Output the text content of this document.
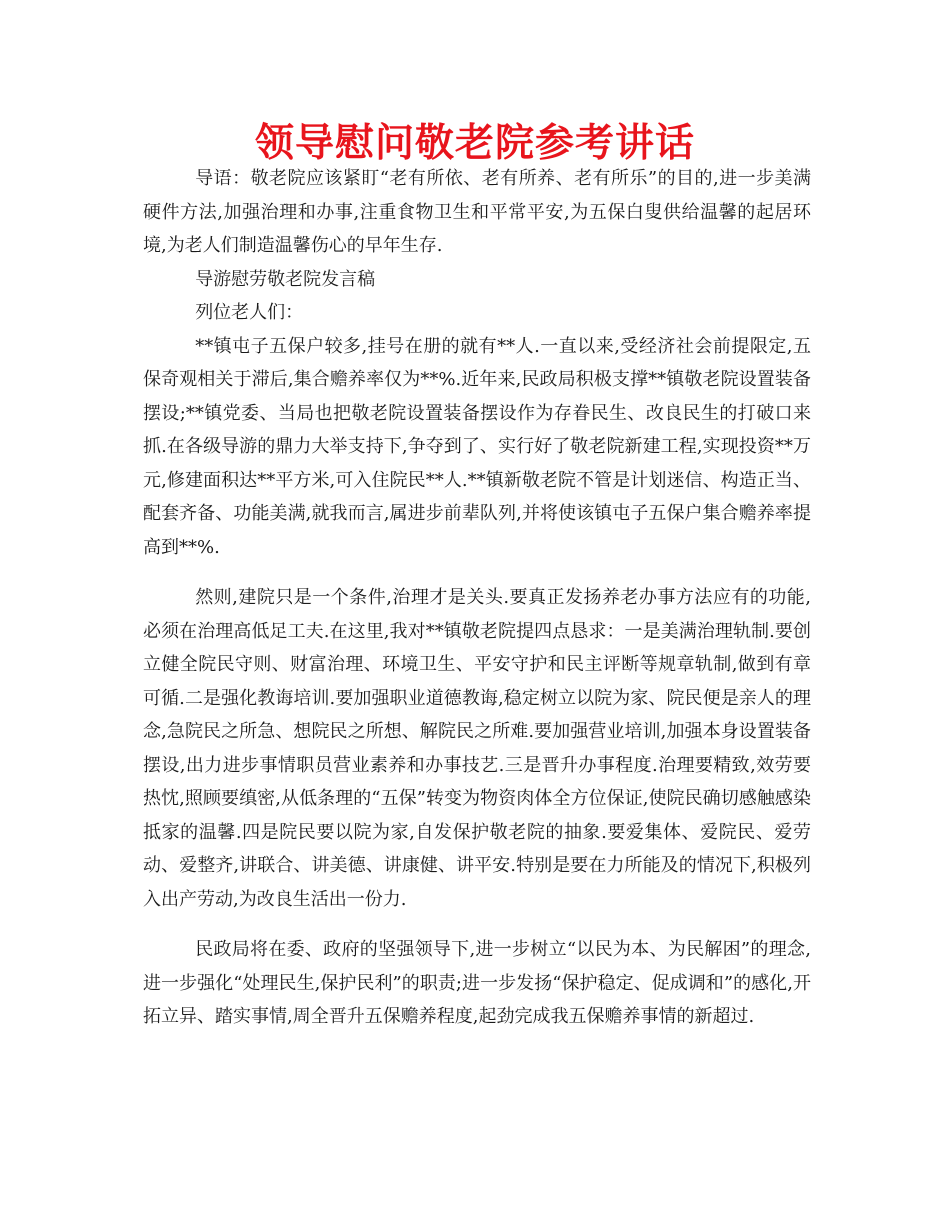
领导慰问敬老院参考讲话

导语：敬老院应该紧盯“老有所依、老有所养、老有所乐”的目的,进一步美满硬件方法,加强治理和办事,注重食物卫生和平常平安,为五保白叟供给温馨的起居环境,为老人们制造温馨伤心的早年生存.

导游慰劳敬老院发言稿

列位老人们：

**镇屯子五保户较多,挂号在册的就有**人.一直以来,受经济社会前提限定,五保奇观相关于滞后,集合赡养率仅为**%.近年来,民政局积极支撑**镇敬老院设置装备摆设;**镇党委、当局也把敬老院设置装备摆设作为存眷民生、改良民生的打破口来抓.在各级导游的鼎力大举支持下,争夺到了、实行好了敬老院新建工程,实现投资**万元,修建面积达**平方米,可入住院民**人.**镇新敬老院不管是计划迷信、构造正当、配套齐备、功能美满,就我而言,属进步前辈队列,并将使该镇屯子五保户集合赡养率提高到**%.

然则,建院只是一个条件,治理才是关头.要真正发扬养老办事方法应有的功能,必须在治理高低足工夫.在这里,我对**镇敬老院提四点恳求：一是美满治理轨制.要创立健全院民守则、财富治理、环境卫生、平安守护和民主评断等规章轨制,做到有章可循.二是强化教诲培训.要加强职业道德教诲,稳定树立以院为家、院民便是亲人的理念,急院民之所急、想院民之所想、解院民之所难.要加强营业培训,加强本身设置装备摆设,出力进步事情职员营业素养和办事技艺.三是晋升办事程度.治理要精致,效劳要热忱,照顾要缜密,从低条理的“五保”转变为物资肉体全方位保证,使院民确切感触感染抵家的温馨.四是院民要以院为家,自发保护敬老院的抽象.要爱集体、爱院民、爱劳动、爱整齐,讲联合、讲美德、讲康健、讲平安.特别是要在力所能及的情况下,积极列入出产劳动,为改良生活出一份力.

民政局将在委、政府的坚强领导下,进一步树立“以民为本、为民解困”的理念,进一步强化“处理民生,保护民利”的职责;进一步发扬“保护稳定、促成调和”的感化,开拓立异、踏实事情,周全晋升五保赡养程度,起劲完成我五保赡养事情的新超过.
